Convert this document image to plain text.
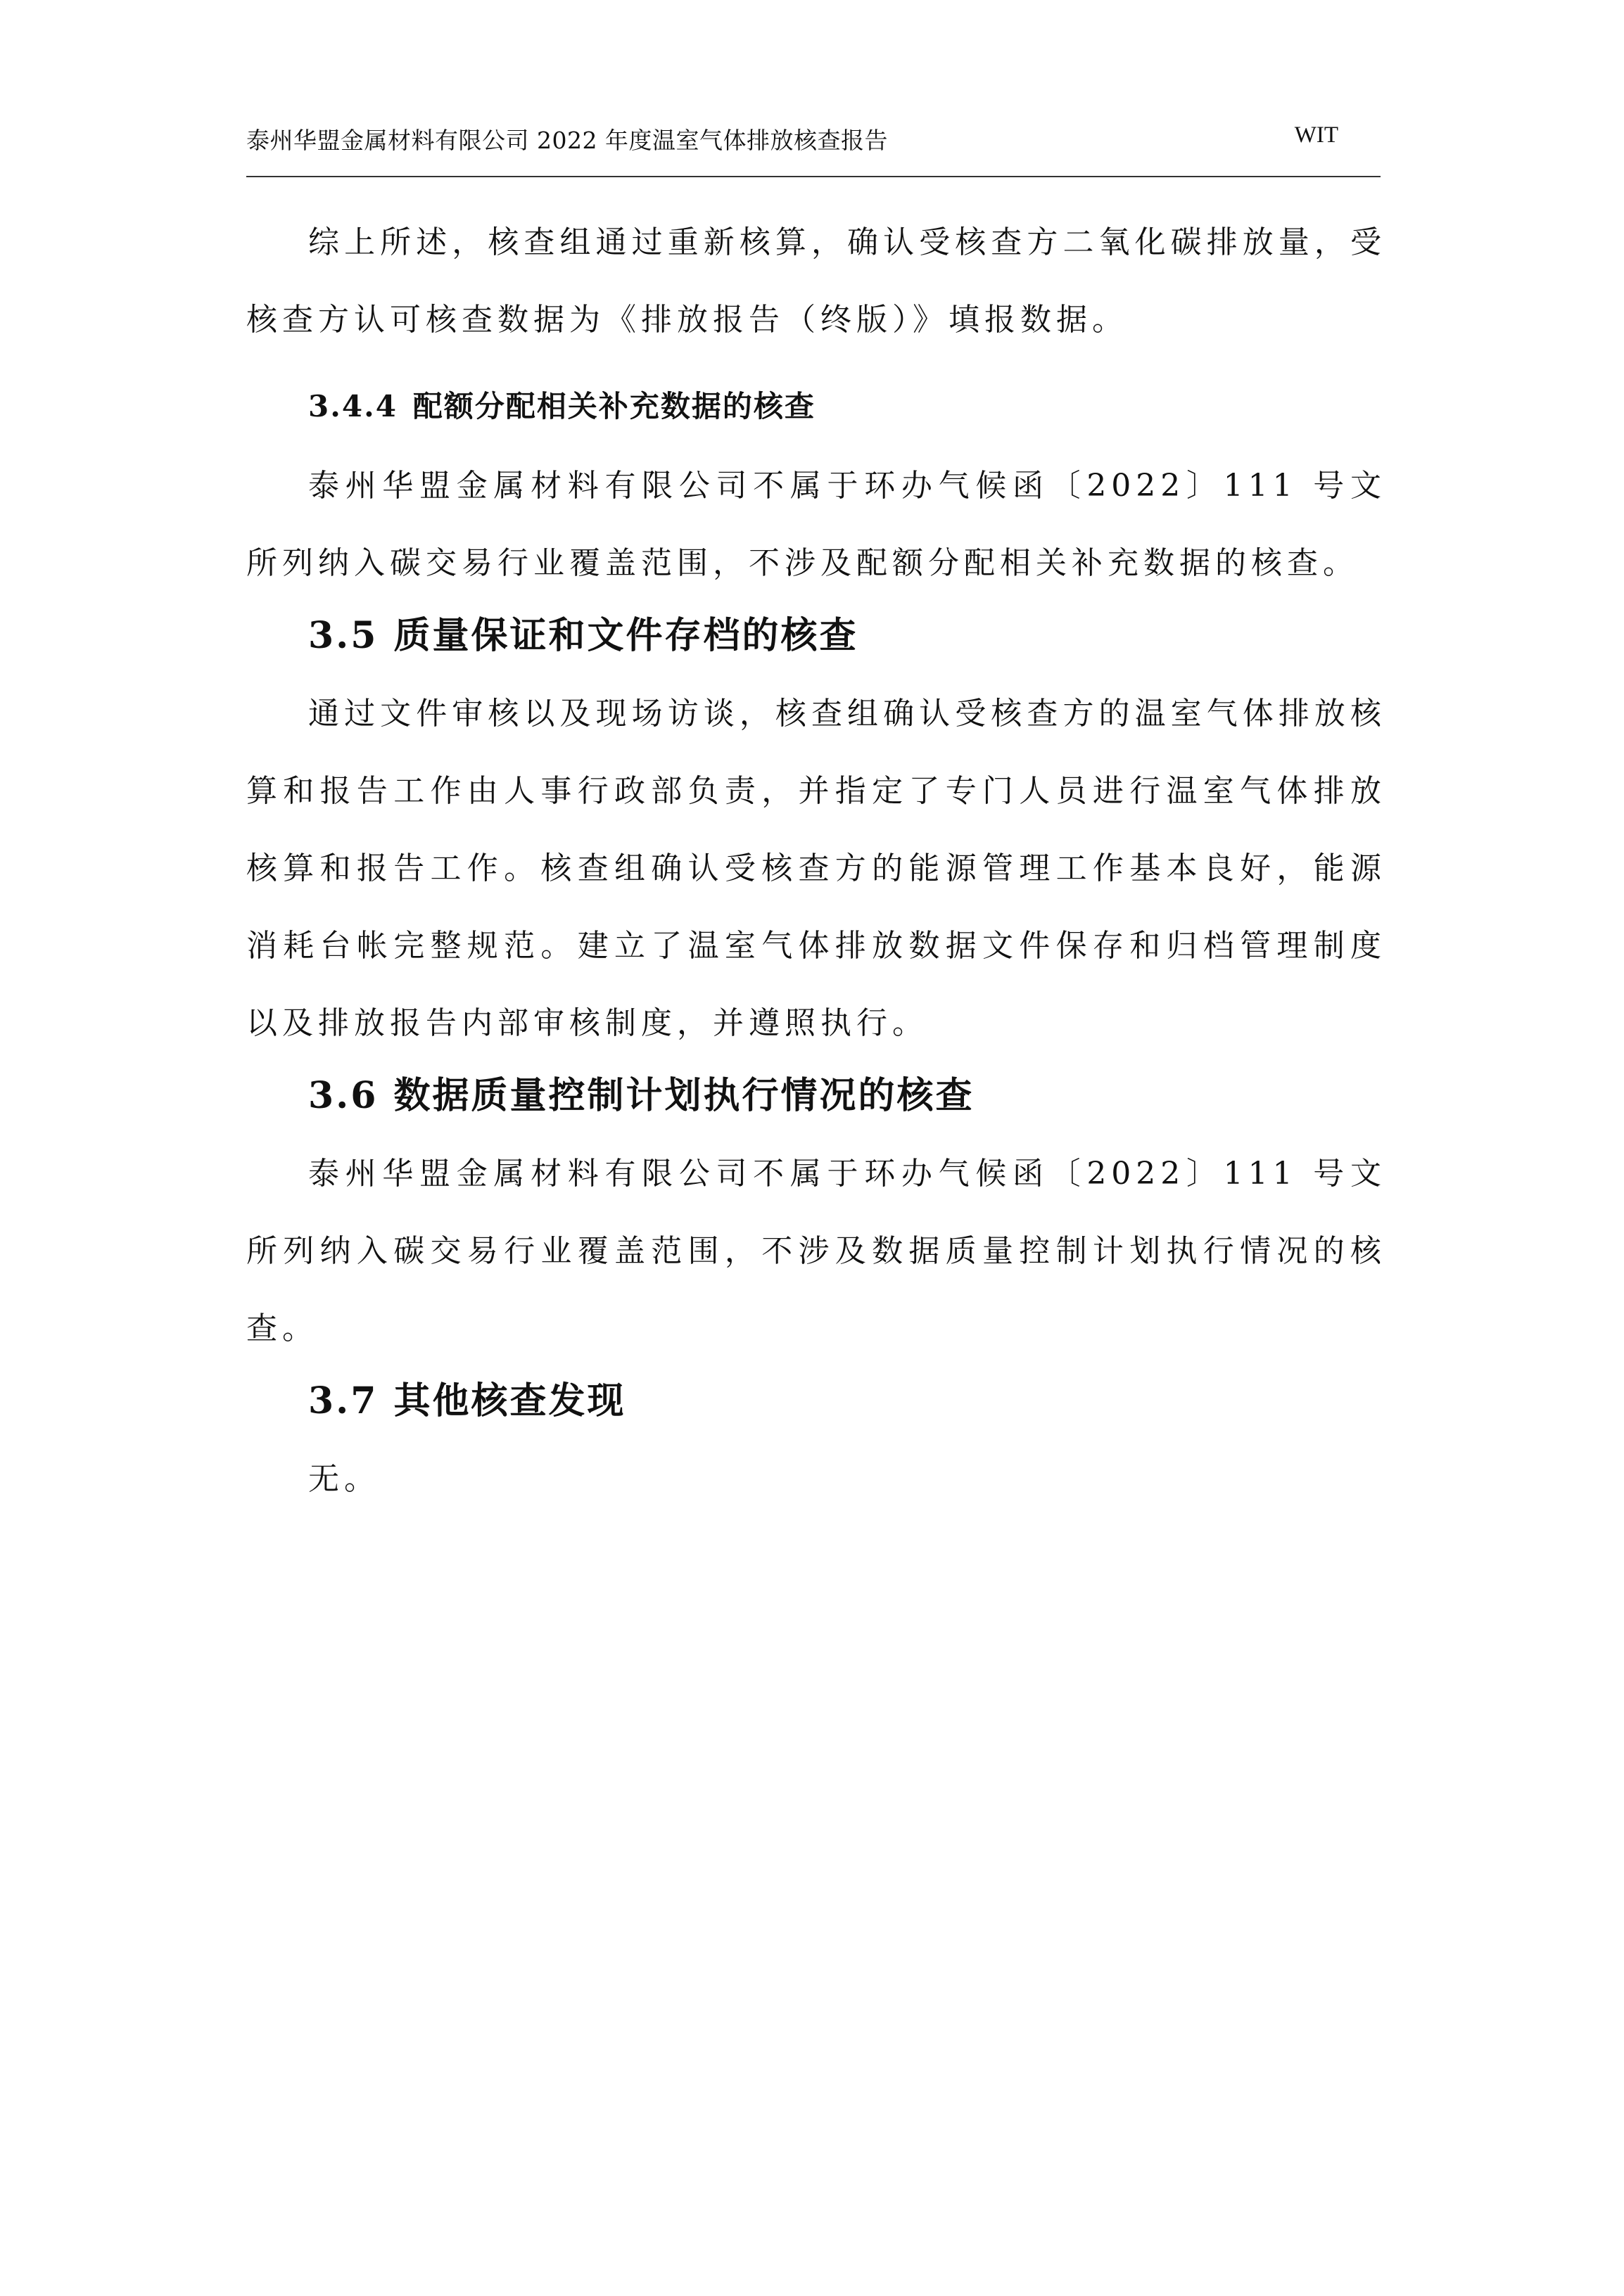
泰州华盟金属材料有限公司 2022 年度温室气体排放核查报告	WIT

综上所述，核查组通过重新核算，确认受核查方二氧化碳排放量，受核查方认可核查数据为《排放报告（终版）》填报数据。

3.4.4 配额分配相关补充数据的核查

泰州华盟金属材料有限公司不属于环办气候函〔2022〕111 号文所列纳入碳交易行业覆盖范围，不涉及配额分配相关补充数据的核查。

3.5 质量保证和文件存档的核查

通过文件审核以及现场访谈，核查组确认受核查方的温室气体排放核算和报告工作由人事行政部负责，并指定了专门人员进行温室气体排放核算和报告工作。核查组确认受核查方的能源管理工作基本良好，能源消耗台帐完整规范。建立了温室气体排放数据文件保存和归档管理制度以及排放报告内部审核制度，并遵照执行。

3.6 数据质量控制计划执行情况的核查

泰州华盟金属材料有限公司不属于环办气候函〔2022〕111 号文所列纳入碳交易行业覆盖范围，不涉及数据质量控制计划执行情况的核查。

3.7 其他核查发现

无。
